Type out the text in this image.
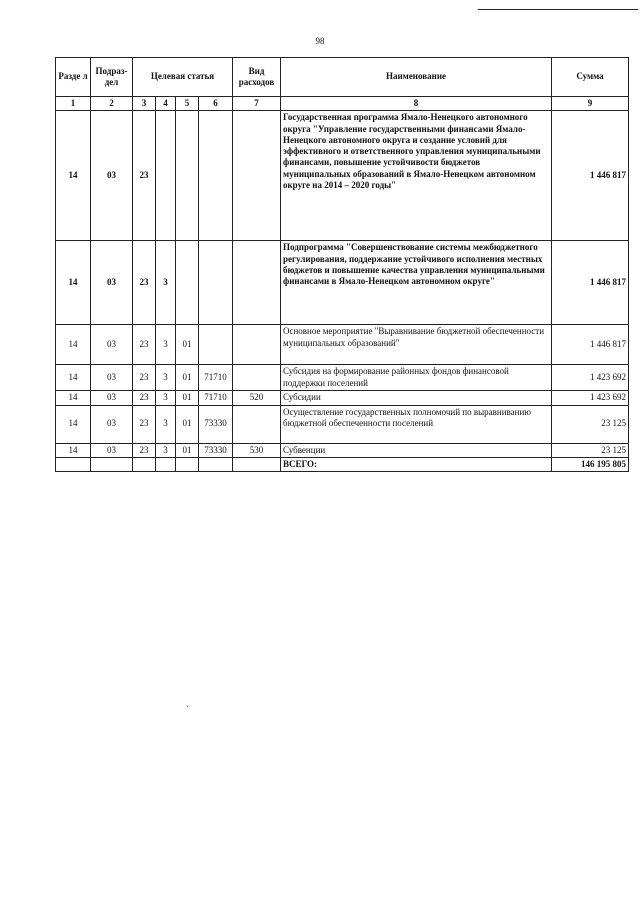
98
Разде л	Подраз-дел	Целевая статья				Вид расходов	Наименование	Сумма
1	2	3	4	5	6	7	8	9
14	03	23					Государственная программа Ямало-Ненецкого автономного округа "Управление государственными финансами Ямало-Ненецкого автономного округа и создание условий для эффективного и ответственного управления муниципальными финансами, повышение устойчивости бюджетов муниципальных образований в Ямало-Ненецком автономном округе на 2014 – 2020 годы"	1 446 817
14	03	23	3				Подпрограмма "Совершенствование системы межбюджетного регулирования, поддержание устойчивого исполнения местных бюджетов и повышение качества управления муниципальными финансами в Ямало-Ненецком автономном округе"	1 446 817
14	03	23	3	01			Основное мероприятие "Выравнивание бюджетной обеспеченности муниципальных образований"	1 446 817
14	03	23	3	01	71710		Субсидия на формирование районных фондов финансовой поддержки поселений	1 423 692
14	03	23	3	01	71710	520	Субсидии	1 423 692
14	03	23	3	01	73330		Осуществление государственных полномочий по выравниванию бюджетной обеспеченности поселений	23 125
14	03	23	3	01	73330	530	Субвенции	23 125
							ВСЕГО:	146 195 805
ˎ
